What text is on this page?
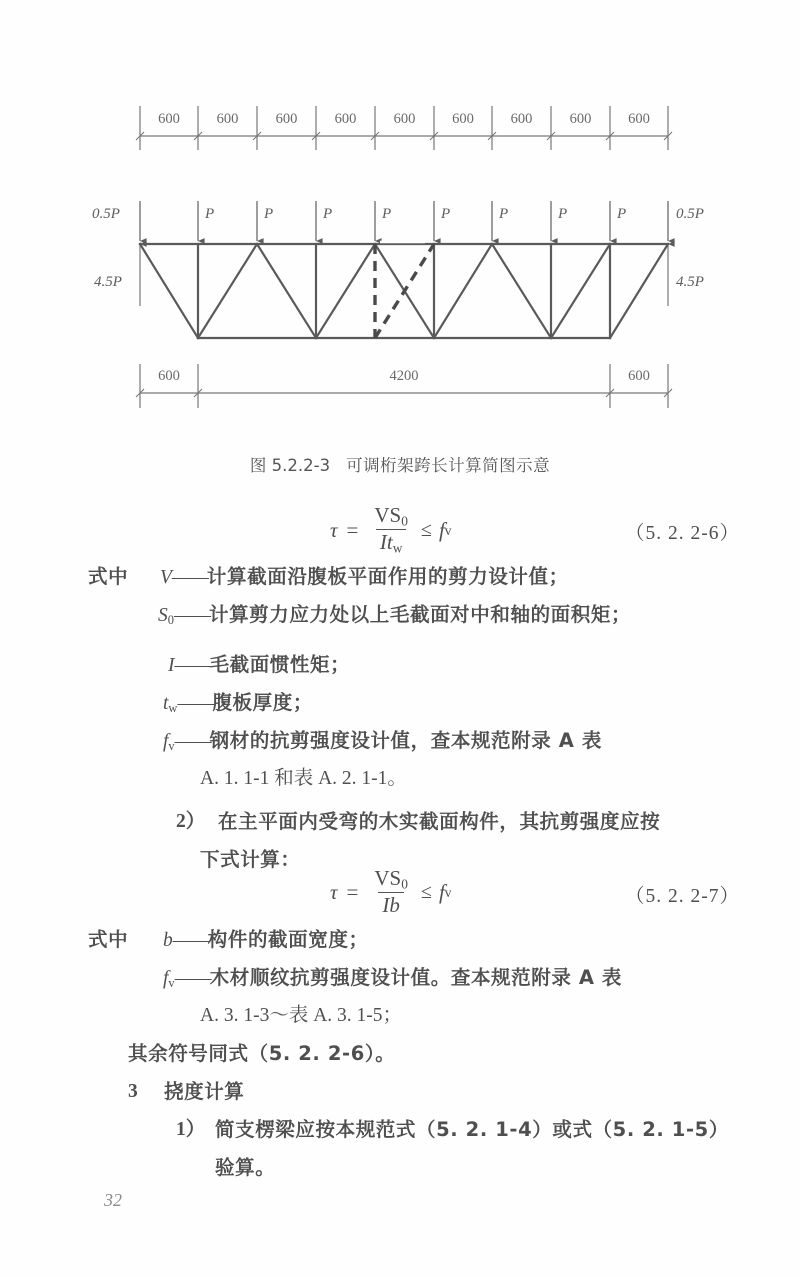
600	600	600	600	600	600	600	600	600
0.5P	P	P	P	P	P	P	P	P	0.5P
4.5P	4.5P
600	4200	600
图 5.2.2-3 可调桁架跨长计算简图示意
$\tau = \frac{VS_0}{It_w} \le f$ v	（5. 2. 2-6）
式中 V——计算截面沿腹板平面作用的剪力设计值；
$S_0——$计算剪力应力处以上毛截面对中和轴的面积矩；
I——毛截面惯性矩；
$t_w——$腹板厚度；
$f_v——$钢材的抗剪强度设计值，查本规范附录 A 表
A. 1. 1-1 和表 A. 2. 1-1。
2） 在主平面内受弯的木实截面构件，其抗剪强度应按
下式计算：
$\tau = \frac{VS_0}{Ib} \le f$ v	（5. 2. 2-7）
式中 b——构件的截面宽度；
$f_v——$木材顺纹抗剪强度设计值。查本规范附录 A 表
A. 3. 1-3～表 A. 3. 1-5；
其余符号同式（5. 2. 2-6）。
3 挠度计算
1） 简支楞梁应按本规范式（5. 2. 1-4）或式（5. 2. 1-5）
验算。
32
